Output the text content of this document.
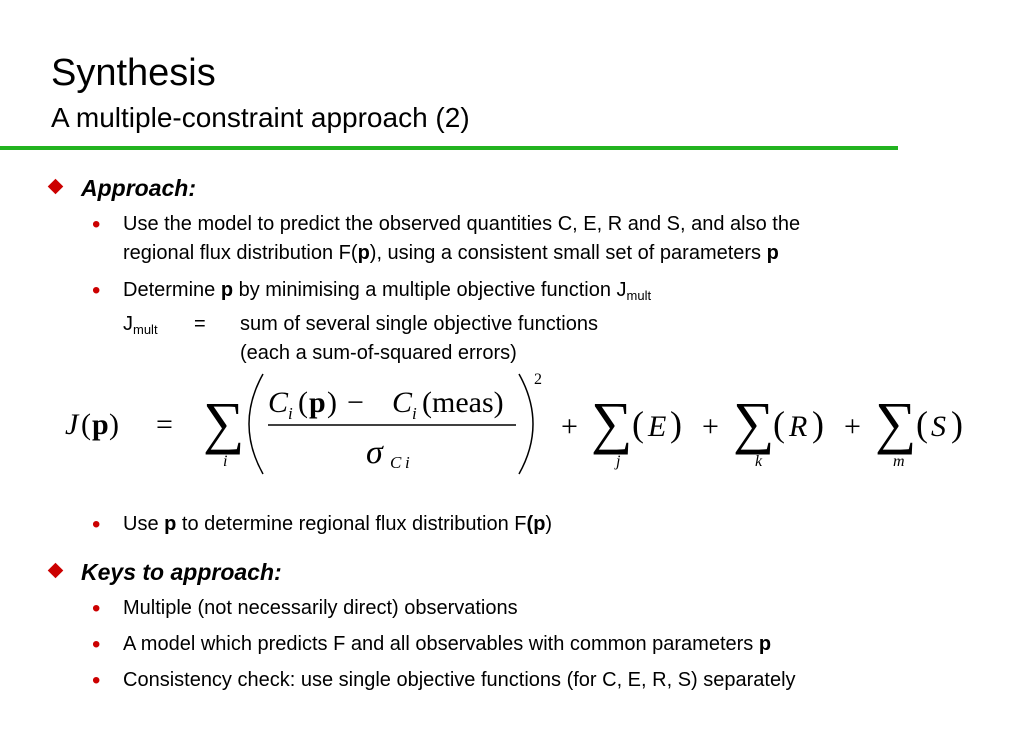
Synthesis
A multiple-constraint approach (2)
Approach:
• Use the model to predict the observed quantities C, E, R and S, and also the
regional flux distribution F(p), using a consistent small set of parameters p
• Determine p by minimising a multiple objective function $J_{mult}$
$J_{mult}$ = sum of several single objective functions
(each a sum-of-squared errors)
J ( p ) = ∑
i
C i ( p ) − C i (meas)
σ C i
2
+ ∑
j
( E ) + ∑
k
( R ) + ∑
m
( S )
• Use p to determine regional flux distribution F(p)
Keys to approach:
• Multiple (not necessarily direct) observations
• A model which predicts F and all observables with common parameters p
• Consistency check: use single objective functions (for C, E, R, S) separately
